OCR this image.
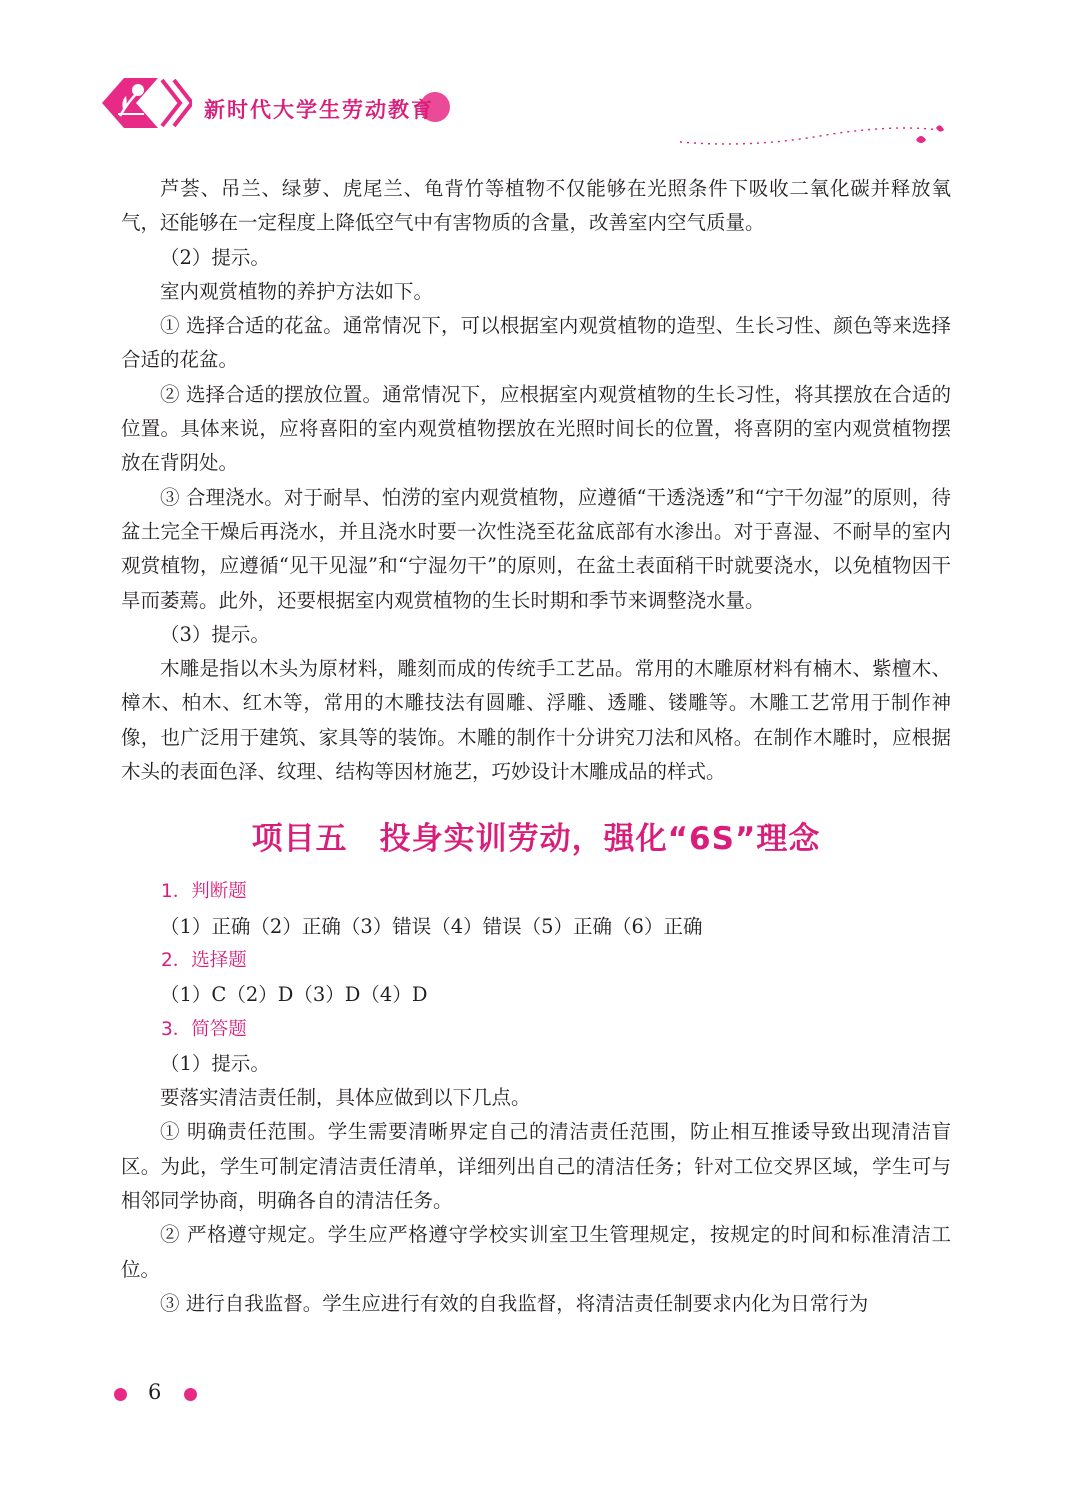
新时代大学生劳动教育

芦荟、吊兰、绿萝、虎尾兰、龟背竹等植物不仅能够在光照条件下吸收二氧化碳并释放氧气，还能够在一定程度上降低空气中有害物质的含量，改善室内空气质量。

（2）提示。

室内观赏植物的养护方法如下。

① 选择合适的花盆。通常情况下，可以根据室内观赏植物的造型、生长习性、颜色等来选择合适的花盆。

② 选择合适的摆放位置。通常情况下，应根据室内观赏植物的生长习性，将其摆放在合适的位置。具体来说，应将喜阳的室内观赏植物摆放在光照时间长的位置，将喜阴的室内观赏植物摆放在背阴处。

③ 合理浇水。对于耐旱、怕涝的室内观赏植物，应遵循“干透浇透”和“宁干勿湿”的原则，待盆土完全干燥后再浇水，并且浇水时要一次性浇至花盆底部有水渗出。对于喜湿、不耐旱的室内观赏植物，应遵循“见干见湿”和“宁湿勿干”的原则，在盆土表面稍干时就要浇水，以免植物因干旱而萎蔫。此外，还要根据室内观赏植物的生长时期和季节来调整浇水量。

（3）提示。

木雕是指以木头为原材料，雕刻而成的传统手工艺品。常用的木雕原材料有楠木、紫檀木、樟木、柏木、红木等，常用的木雕技法有圆雕、浮雕、透雕、镂雕等。木雕工艺常用于制作神像，也广泛用于建筑、家具等的装饰。木雕的制作十分讲究刀法和风格。在制作木雕时，应根据木头的表面色泽、纹理、结构等因材施艺，巧妙设计木雕成品的样式。

项目五　投身实训劳动，强化“6S”理念

1．判断题

（1）正确（2）正确（3）错误（4）错误（5）正确（6）正确

2．选择题

（1）C（2）D（3）D（4）D

3．简答题

（1）提示。

要落实清洁责任制，具体应做到以下几点。

① 明确责任范围。学生需要清晰界定自己的清洁责任范围，防止相互推诿导致出现清洁盲区。为此，学生可制定清洁责任清单，详细列出自己的清洁任务；针对工位交界区域，学生可与相邻同学协商，明确各自的清洁任务。

② 严格遵守规定。学生应严格遵守学校实训室卫生管理规定，按规定的时间和标准清洁工位。

③ 进行自我监督。学生应进行有效的自我监督，将清洁责任制要求内化为日常行为

6
